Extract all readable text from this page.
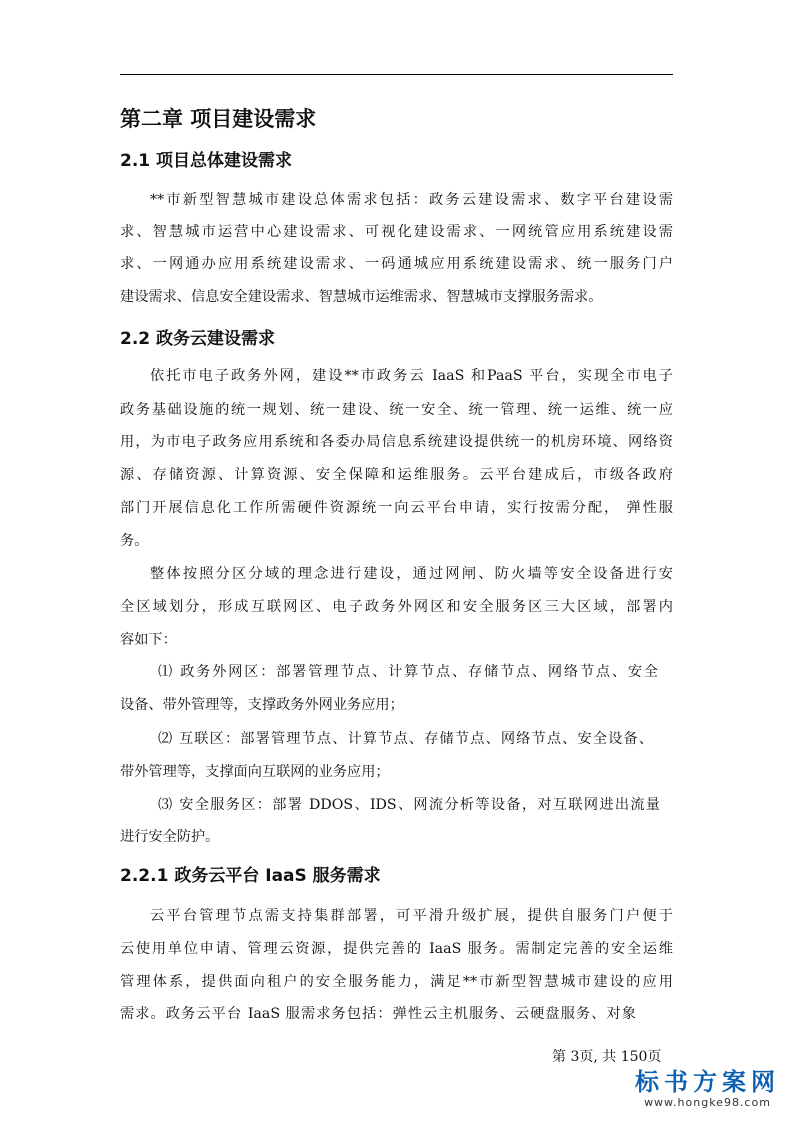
第二章 项目建设需求
2.1 项目总体建设需求

**市新型智慧城市建设总体需求包括：政务云建设需求、数字平台建设需

求、智慧城市运营中心建设需求、可视化建设需求、一网统管应用系统建设需

求、一网通办应用系统建设需求、一码通城应用系统建设需求、统一服务门户

建设需求、信息安全建设需求、智慧城市运维需求、智慧城市支撑服务需求。

2.2 政务云建设需求

依托市电子政务外网，建设**市政务云 IaaS 和PaaS 平台，实现全市电子

政务基础设施的统一规划、统一建设、统一安全、统一管理、统一运维、统一应

用，为市电子政务应用系统和各委办局信息系统建设提供统一的机房环境、网络资

源、存储资源、计算资源、安全保障和运维服务。云平台建成后，市级各政府

部门开展信息化工作所需硬件资源统一向云平台申请，实行按需分配， 弹性服

务。

整体按照分区分域的理念进行建设，通过网闸、防火墙等安全设备进行安

全区域划分，形成互联网区、电子政务外网区和安全服务区三大区域，部署内

容如下：

⑴ 政务外网区：部署管理节点、计算节点、存储节点、网络节点、安全

设备、带外管理等，支撑政务外网业务应用；

⑵ 互联区：部署管理节点、计算节点、存储节点、网络节点、安全设备、

带外管理等，支撑面向互联网的业务应用；

⑶ 安全服务区：部署 DDOS、IDS、网流分析等设备，对互联网进出流量

进行安全防护。

2.2.1 政务云平台 IaaS 服务需求

云平台管理节点需支持集群部署，可平滑升级扩展，提供自服务门户便于

云使用单位申请、管理云资源，提供完善的 IaaS 服务。需制定完善的安全运维

管理体系，提供面向租户的安全服务能力，满足**市新型智慧城市建设的应用

需求。政务云平台 IaaS 服需求务包括：弹性云主机服务、云硬盘服务、对象

第 3页, 共 150页
标书方案网
www.hongke98.com
